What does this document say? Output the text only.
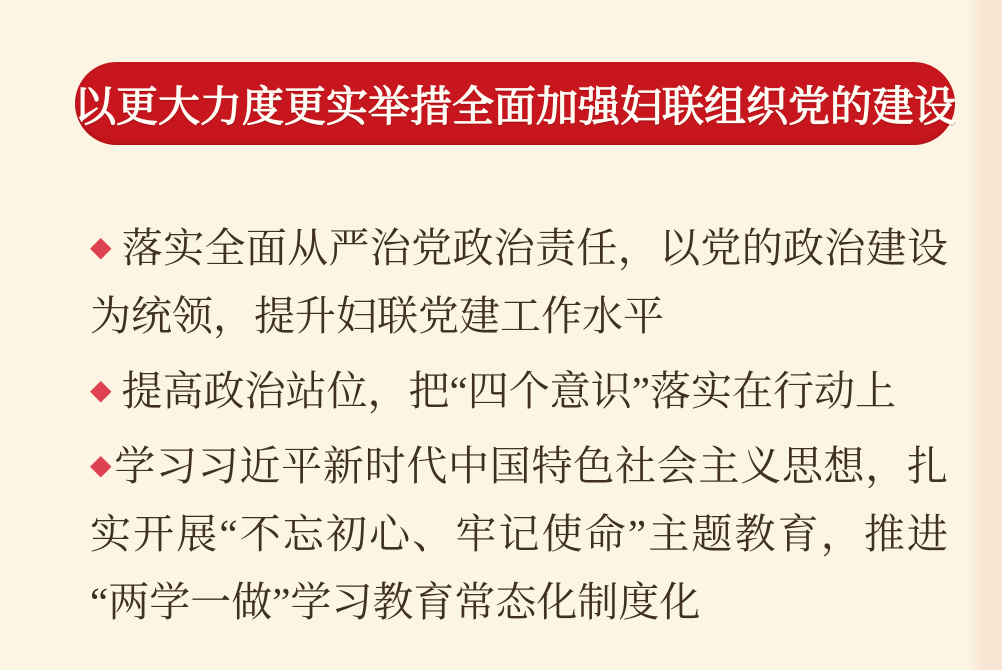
以更大力度更实举措全面加强妇联组织党的建设

◆ 落实全面从严治党政治责任，以党的政治建设为统领，提升妇联党建工作水平

◆ 提高政治站位，把“四个意识”落实在行动上

◆学习习近平新时代中国特色社会主义思想，扎实开展“不忘初心、牢记使命”主题教育，推进“两学一做”学习教育常态化制度化
